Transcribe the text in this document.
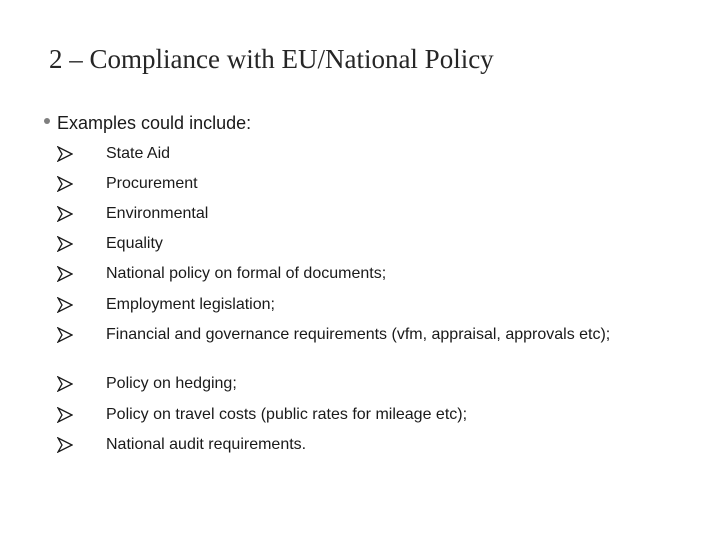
2 – Compliance with EU/National Policy
Examples could include:
State Aid
Procurement
Environmental
Equality
National policy on formal of documents;
Employment legislation;
Financial and governance requirements (vfm, appraisal, approvals etc);
Policy on hedging;
Policy on travel costs (public rates for mileage etc);
National audit requirements.
